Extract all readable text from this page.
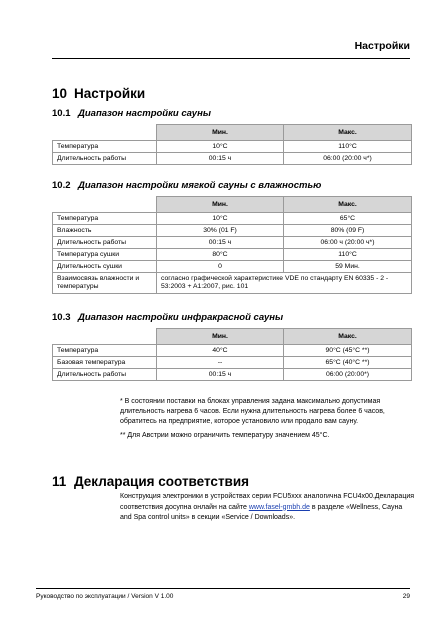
Настройки
10 Настройки
10.1 Диапазон настройки сауны
	Мин.	Макс.
Температура	10°C	110°C
Длительность работы	00:15 ч	06:00 (20:00 ч*)
10.2 Диапазон настройки мягкой сауны с влажностью
	Мин.	Макс.
Температура	10°C	65°C
Влажность	30% (01 F)	80% (09 F)
Длительность работы	00:15 ч	06:00 ч (20:00 ч*)
Температура сушки	80°C	110°C
Длительность сушки	0	59 Мин.
Взаимосвязь влажности и температуры	согласно графической характеристике VDE по стандарту EN 60335 - 2 - 53:2003 + A1:2007, рис. 101	
10.3 Диапазон настройки инфракрасной сауны
	Мин.	Макс.
Температура	40°C	90°C (45°C **)
Базовая температура	--	65°C (40°C **)
Длительность работы	00:15 ч	06:00 (20:00*)
* В состоянии поставки на блоках управления задана максимально допустимая длительность нагрева 6 часов. Если нужна длительность нагрева более 6 часов, обратитесь на предприятие, которое установило или продало вам сауну.
** Для Австрии можно ограничить температуру значением 45°C.
11 Декларация соответствия
Конструкция электроники в устройствах серии FCU5xxx аналогична FCU4x00.Декларация соответствия досупна онлайн на сайте www.fasel-gmbh.de в разделе «Wellness, Сауна and Spa control units» в секции «Service / Downloads».
Руководство по эксплуатации / Version V 1.00	29
